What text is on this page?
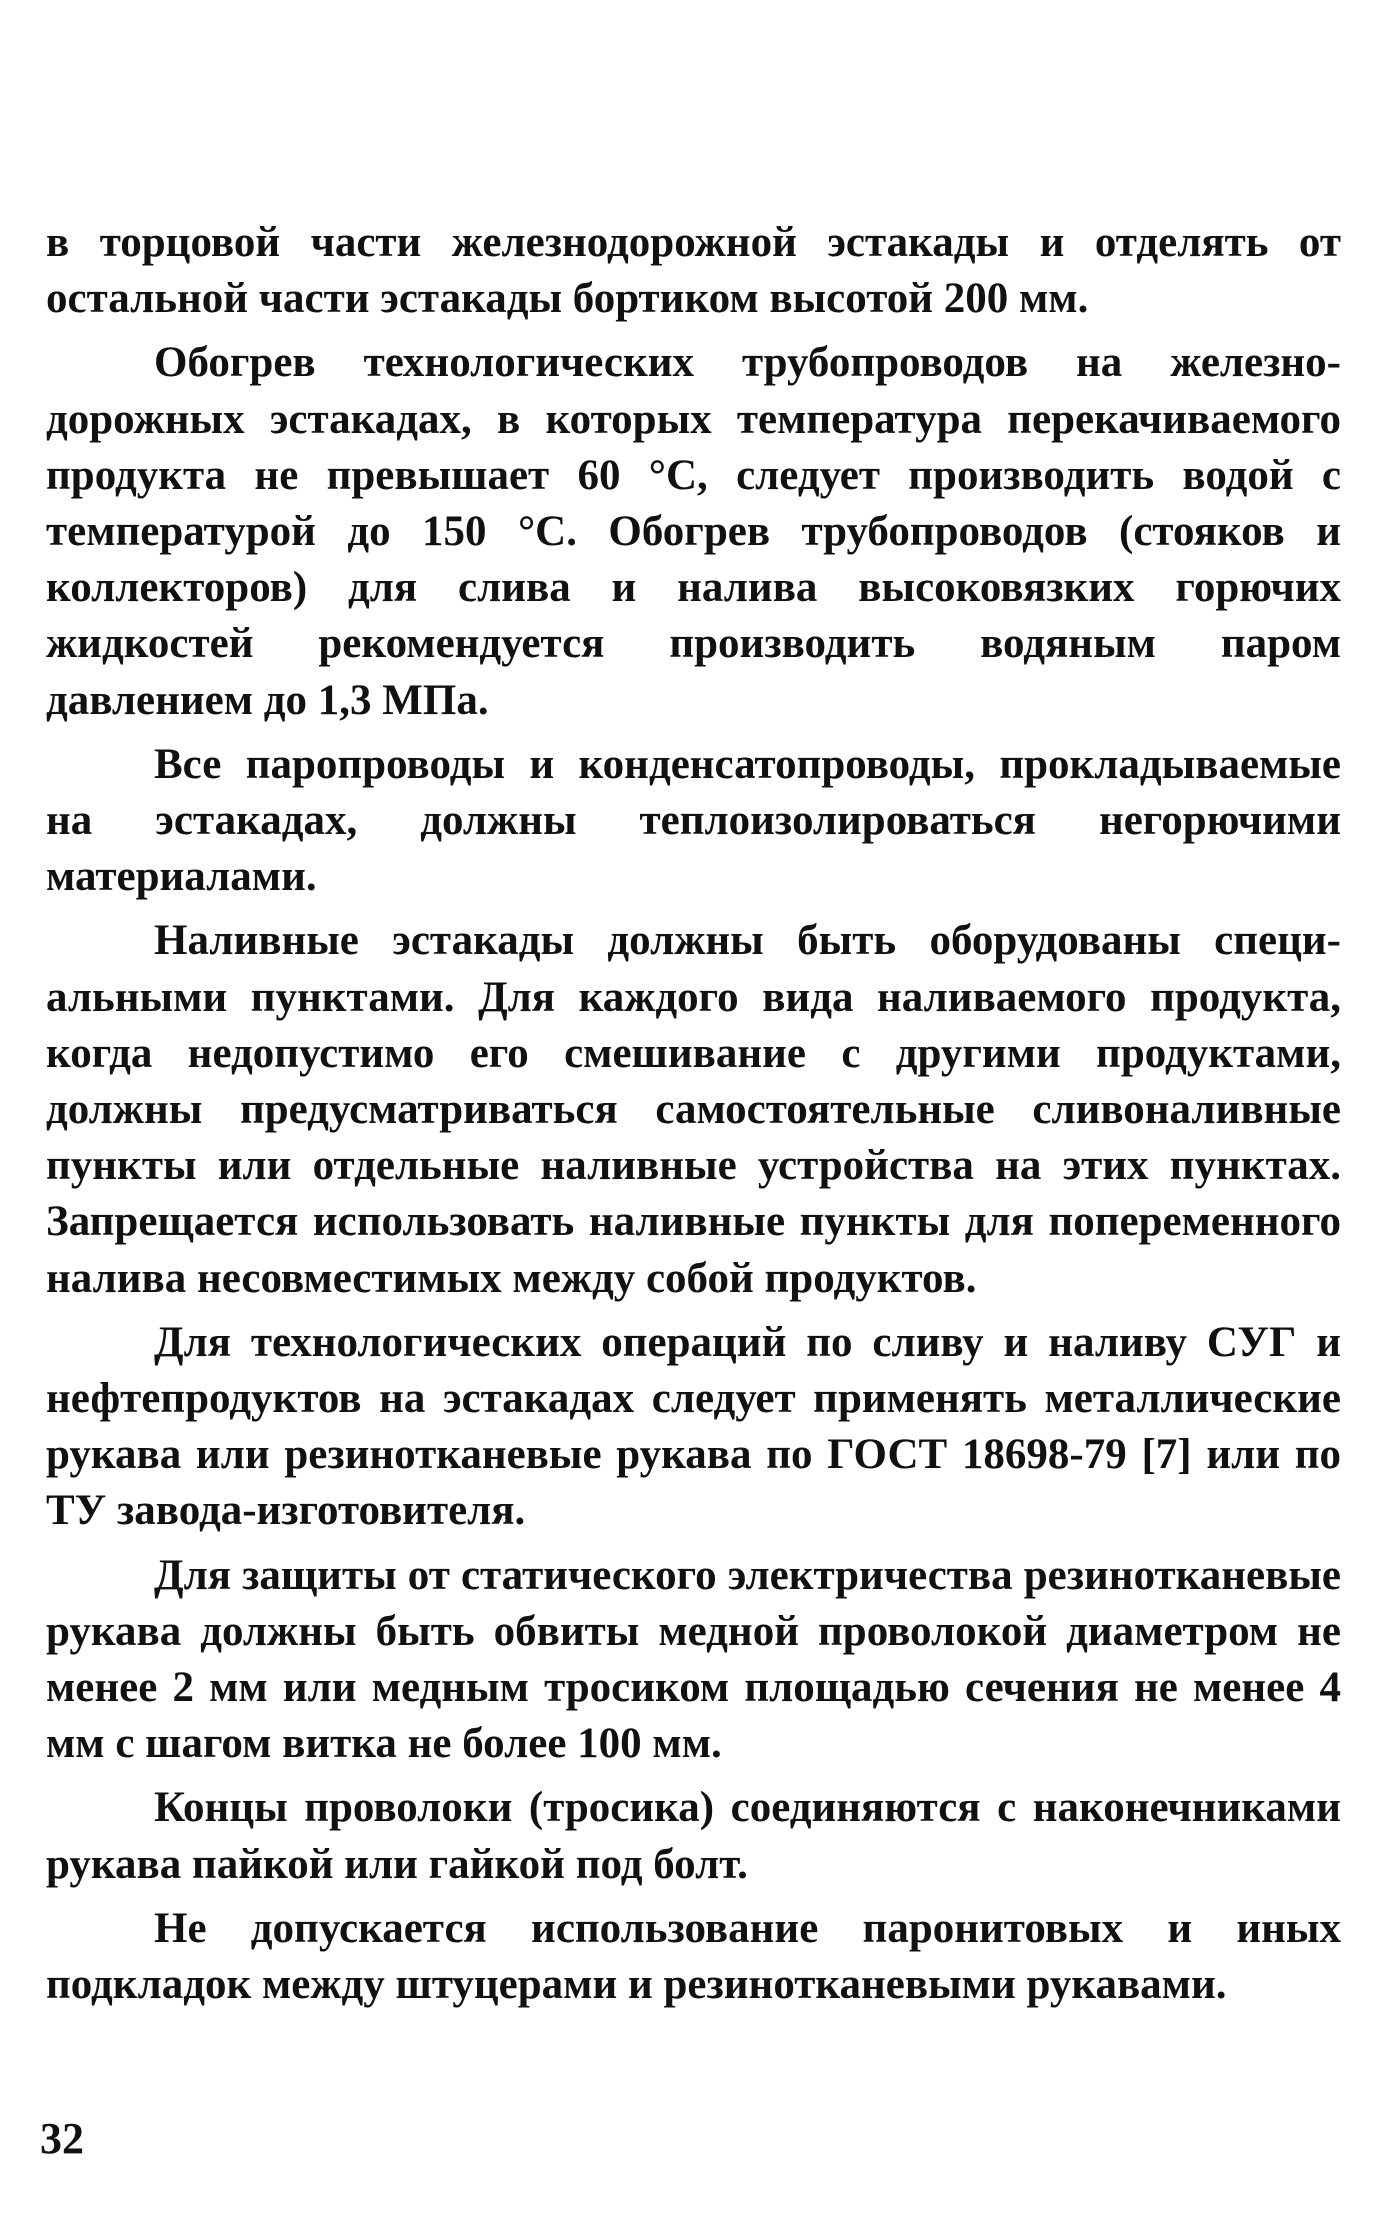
в торцовой части железнодорожной эстакады и отделять от остальной части эстакады бортиком высотой 200 мм.

Обогрев технологических трубопроводов на железнодорожных эстакадах, в которых температура перекачиваемого продукта не превышает 60 °С, следует производить водой с температурой до 150 °С. Обогрев трубопроводов (стояков и коллекторов) для слива и налива высоковязких горючих жидкостей рекомендуется производить водяным паром давлением до 1,3 МПа.

Все паропроводы и конденсатопроводы, прокладываемые на эстакадах, должны теплоизолироваться негорючими материалами.

Наливные эстакады должны быть оборудованы специальными пунктами. Для каждого вида наливаемого продукта, когда недопустимо его смешивание с другими продуктами, должны предусматриваться самостоятельные сливоналивные пункты или отдельные наливные устройства на этих пунктах. Запрещается использовать наливные пункты для попеременного налива несовместимых между собой продуктов.

Для технологических операций по сливу и наливу СУГ и нефтепродуктов на эстакадах следует применять металлические рукава или резинотканевые рукава по ГОСТ 18698-79 [7] или по ТУ завода-изготовителя.

Для защиты от статического электричества резинотканевые рукава должны быть обвиты медной проволокой диаметром не менее 2 мм или медным тросиком площадью сечения не менее 4 мм с шагом витка не более 100 мм.

Концы проволоки (тросика) соединяются с наконечниками рукава пайкой или гайкой под болт.

Не допускается использование паронитовых и иных подкладок между штуцерами и резинотканевыми рукавами.

32
